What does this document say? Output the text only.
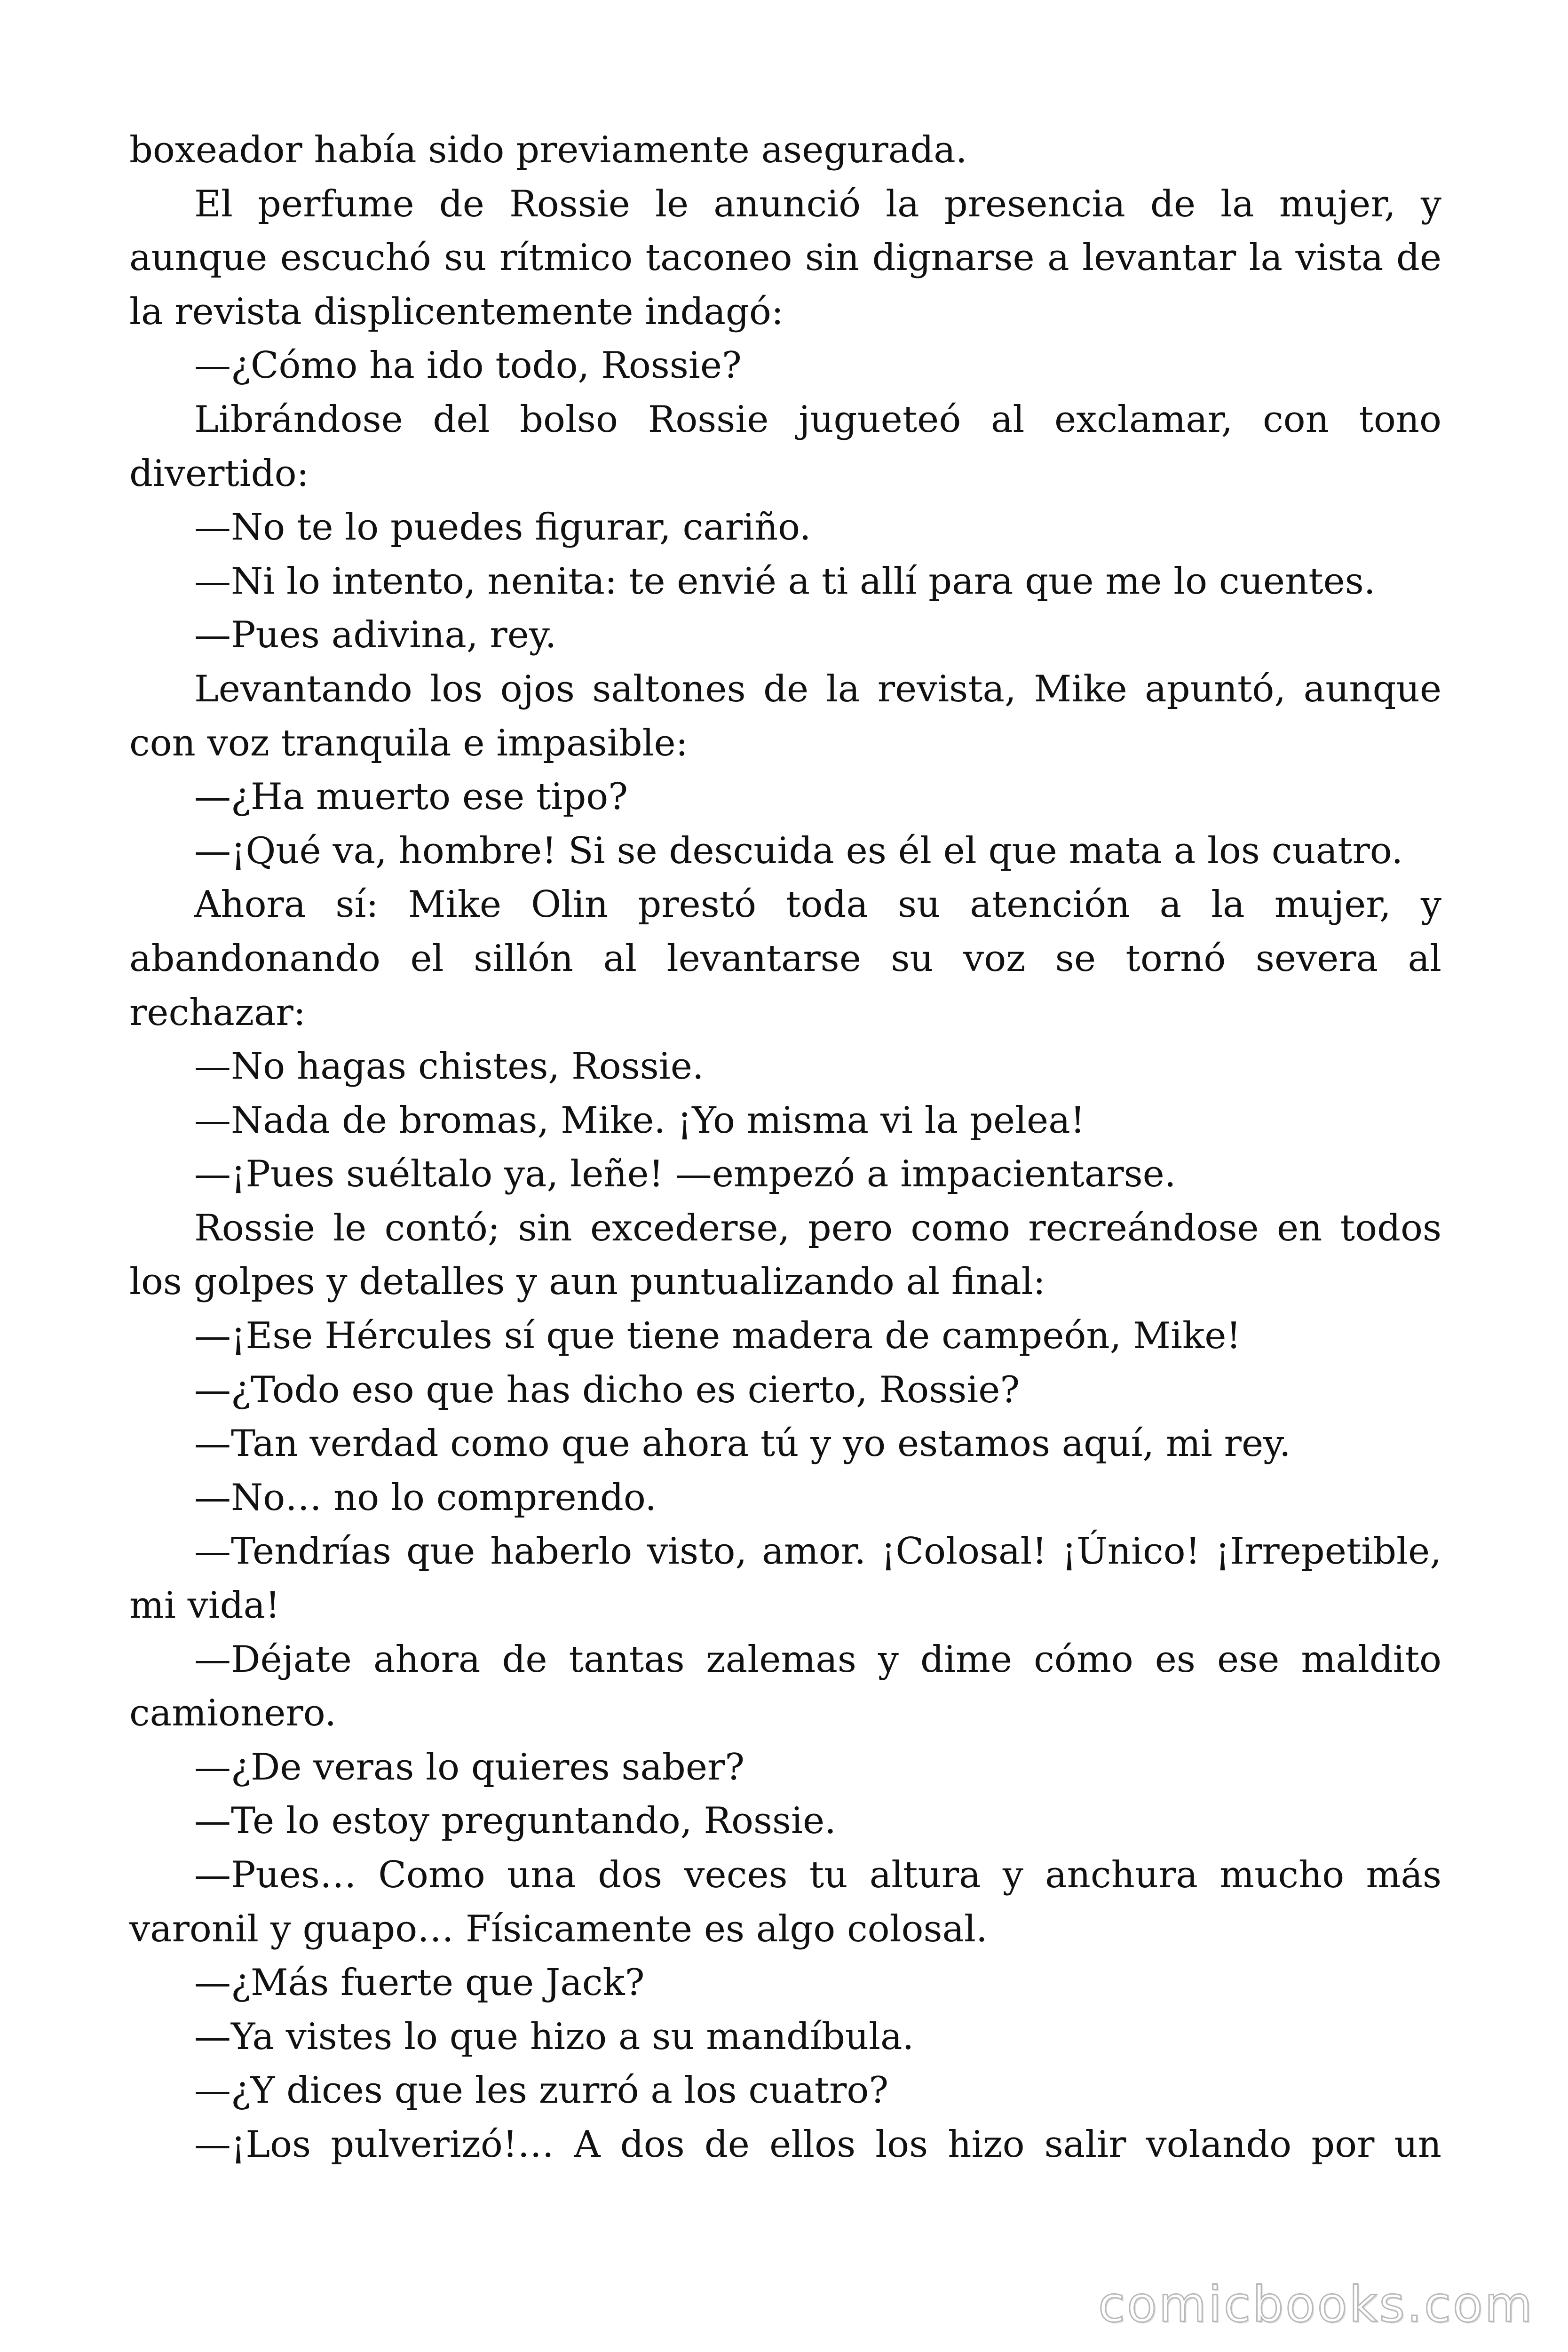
boxeador había sido previamente asegurada.

El perfume de Rossie le anunció la presencia de la mujer, y aunque escuchó su rítmico taconeo sin dignarse a levantar la vista de la revista displicentemente indagó:

—¿Cómo ha ido todo, Rossie?

Librándose del bolso Rossie jugueteó al exclamar, con tono divertido:

—No te lo puedes figurar, cariño.

—Ni lo intento, nenita: te envié a ti allí para que me lo cuentes.

—Pues adivina, rey.

Levantando los ojos saltones de la revista, Mike apuntó, aunque con voz tranquila e impasible:

—¿Ha muerto ese tipo?

—¡Qué va, hombre! Si se descuida es él el que mata a los cuatro.

Ahora sí: Mike Olin prestó toda su atención a la mujer, y abandonando el sillón al levantarse su voz se tornó severa al rechazar:

—No hagas chistes, Rossie.

—Nada de bromas, Mike. ¡Yo misma vi la pelea!

—¡Pues suéltalo ya, leñe! —empezó a impacientarse.

Rossie le contó; sin excederse, pero como recreándose en todos los golpes y detalles y aun puntualizando al final:

—¡Ese Hércules sí que tiene madera de campeón, Mike!

—¿Todo eso que has dicho es cierto, Rossie?

—Tan verdad como que ahora tú y yo estamos aquí, mi rey.

—No… no lo comprendo.

—Tendrías que haberlo visto, amor. ¡Colosal! ¡Único! ¡Irrepetible, mi vida!

—Déjate ahora de tantas zalemas y dime cómo es ese maldito camionero.

—¿De veras lo quieres saber?

—Te lo estoy preguntando, Rossie.

—Pues… Como una dos veces tu altura y anchura mucho más varonil y guapo… Físicamente es algo colosal.

—¿Más fuerte que Jack?

—Ya vistes lo que hizo a su mandíbula.

—¿Y dices que les zurró a los cuatro?

—¡Los pulverizó!… A dos de ellos los hizo salir volando por un

comicbooks.com
